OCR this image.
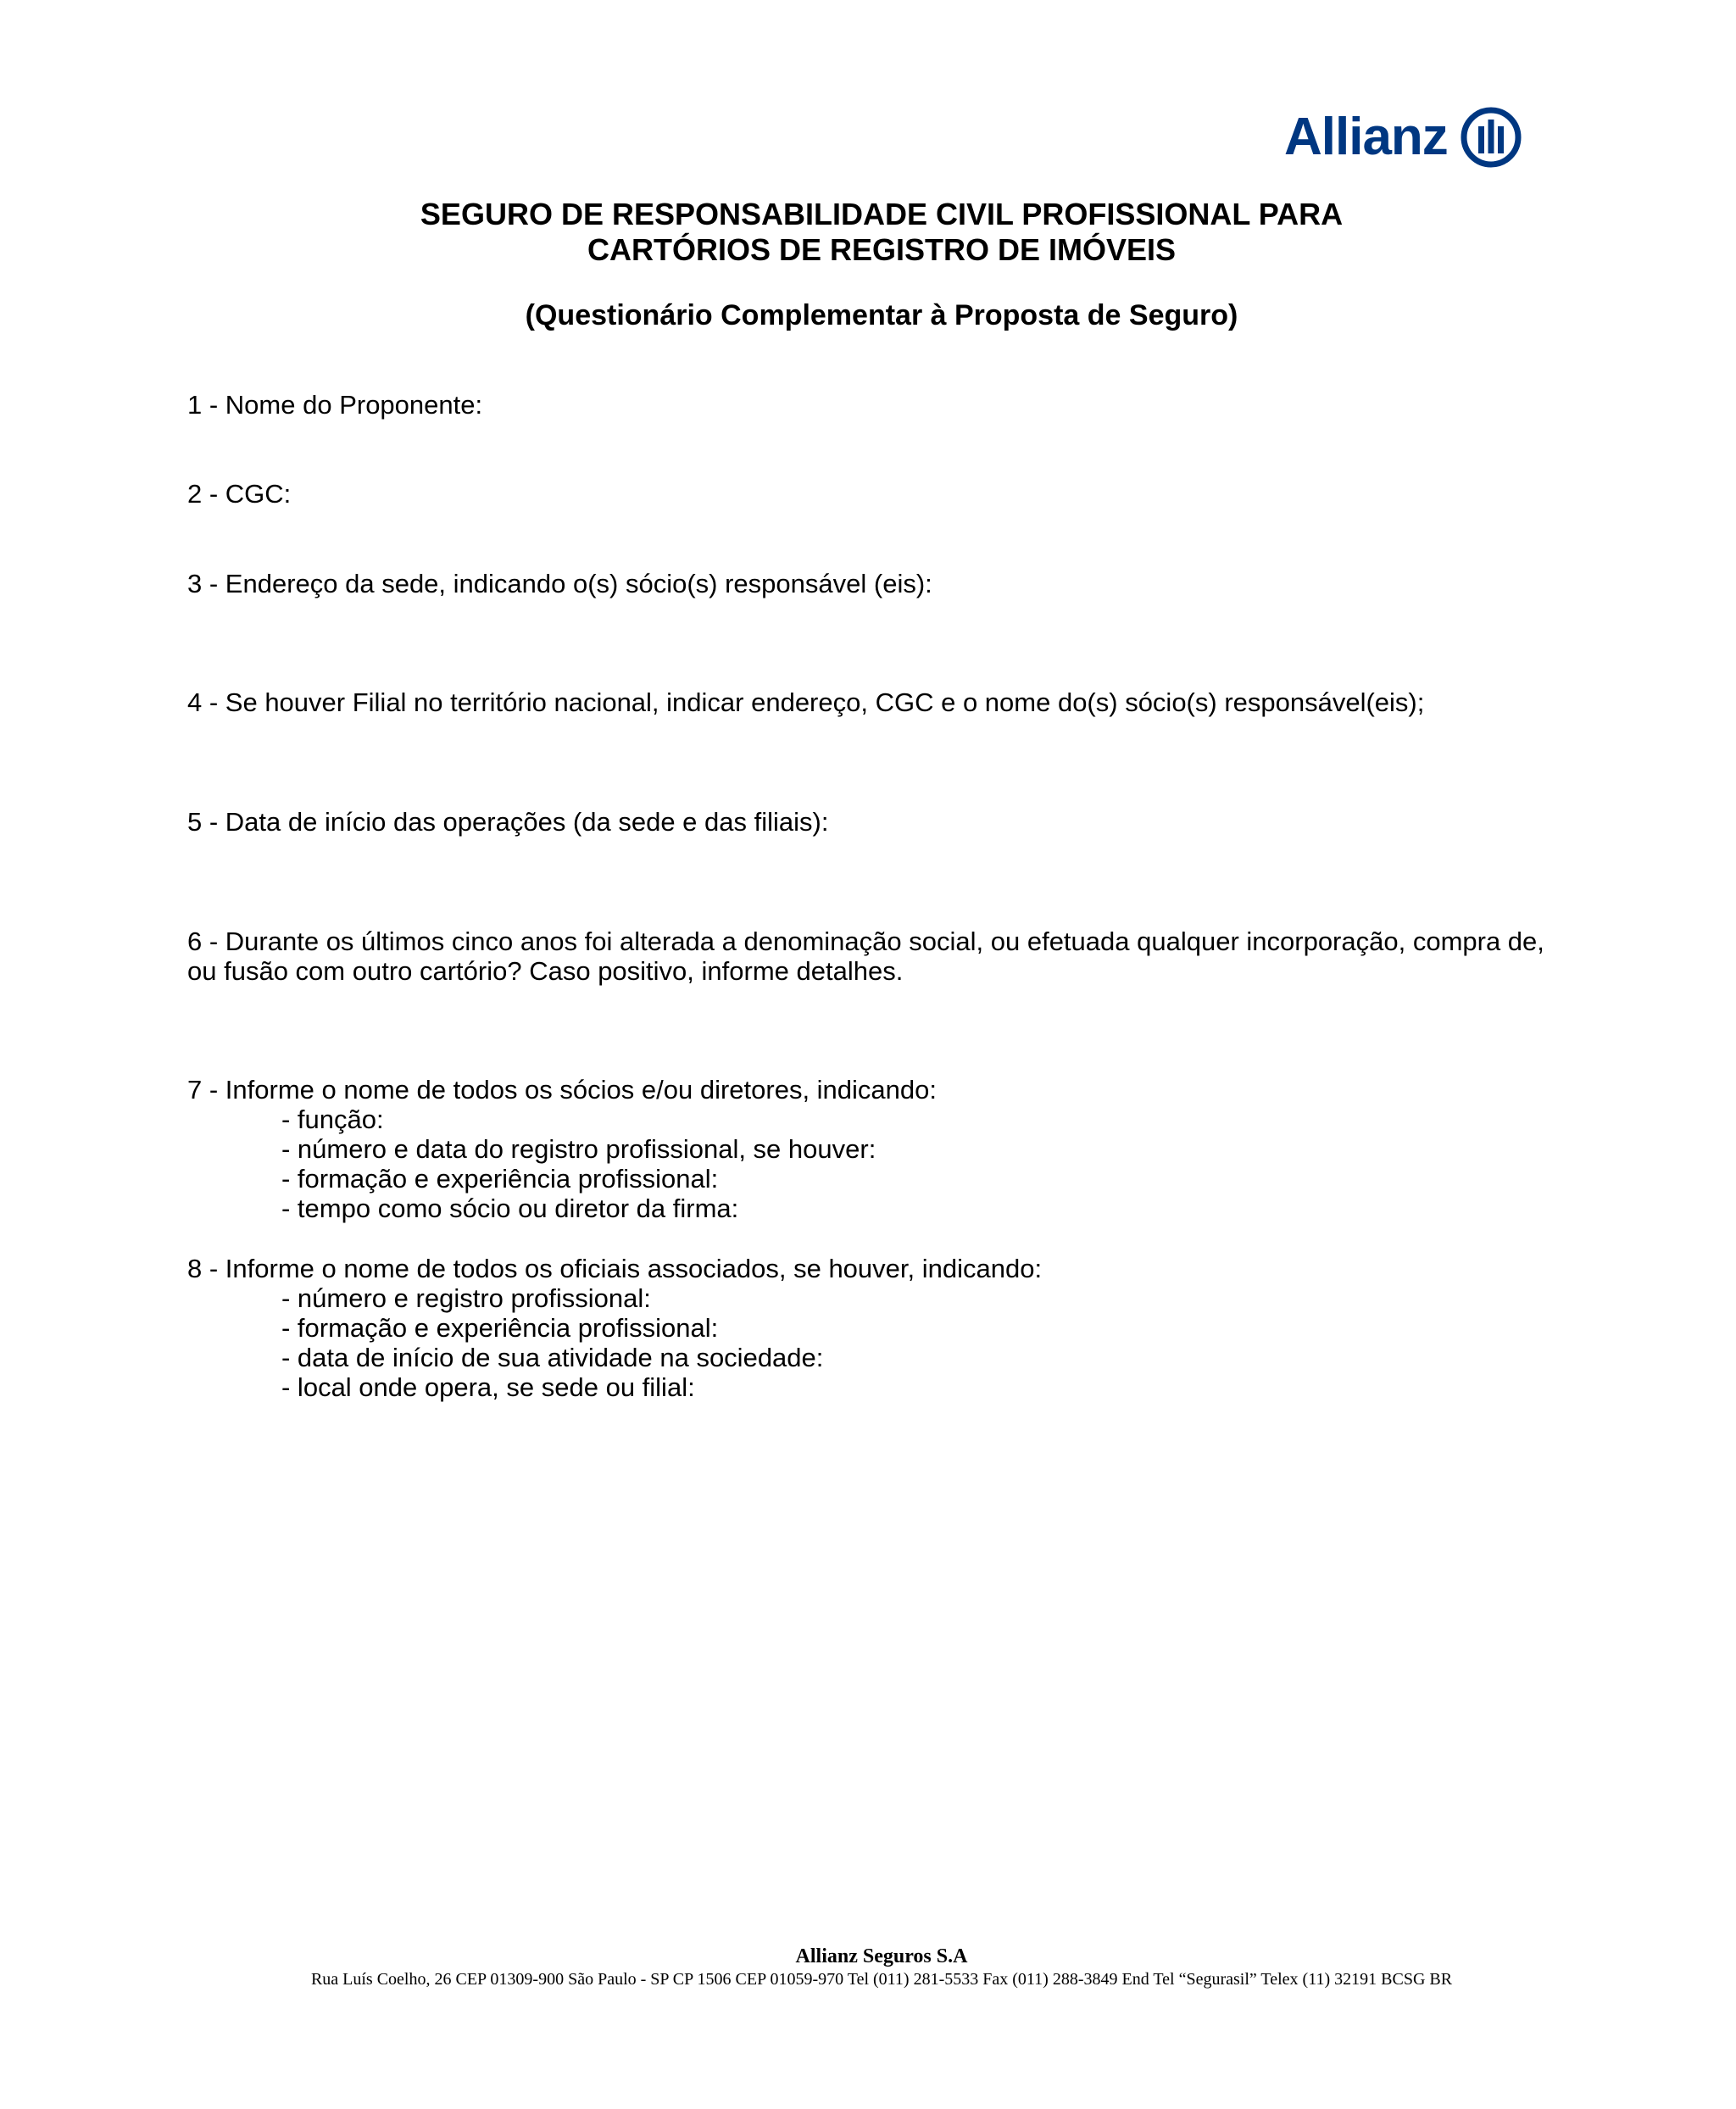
Allianz
SEGURO DE RESPONSABILIDADE CIVIL PROFISSIONAL PARA
CARTÓRIOS DE REGISTRO DE IMÓVEIS
(Questionário Complementar à Proposta de Seguro)
1 - Nome do Proponente:
2 - CGC:
3 - Endereço da sede, indicando o(s) sócio(s) responsável (eis):
4 - Se houver Filial no território nacional, indicar endereço, CGC e o nome do(s) sócio(s) responsável(eis);
5 - Data de início das operações (da sede e das filiais):
6 - Durante os últimos cinco anos foi alterada a denominação social, ou efetuada qualquer incorporação, compra de,
ou fusão com outro cartório? Caso positivo, informe detalhes.
7 - Informe o nome de todos os sócios e/ou diretores, indicando:
- função:
- número e data do registro profissional, se houver:
- formação e experiência profissional:
- tempo como sócio ou diretor da firma:
8 - Informe o nome de todos os oficiais associados, se houver, indicando:
- número e registro profissional:
- formação e experiência profissional:
- data de início de sua atividade na sociedade:
- local onde opera, se sede ou filial:
Allianz Seguros S.A
Rua Luís Coelho, 26 CEP 01309-900 São Paulo - SP CP 1506 CEP 01059-970 Tel (011) 281-5533 Fax (011) 288-3849 End Tel “Segurasil” Telex (11) 32191 BCSG BR
